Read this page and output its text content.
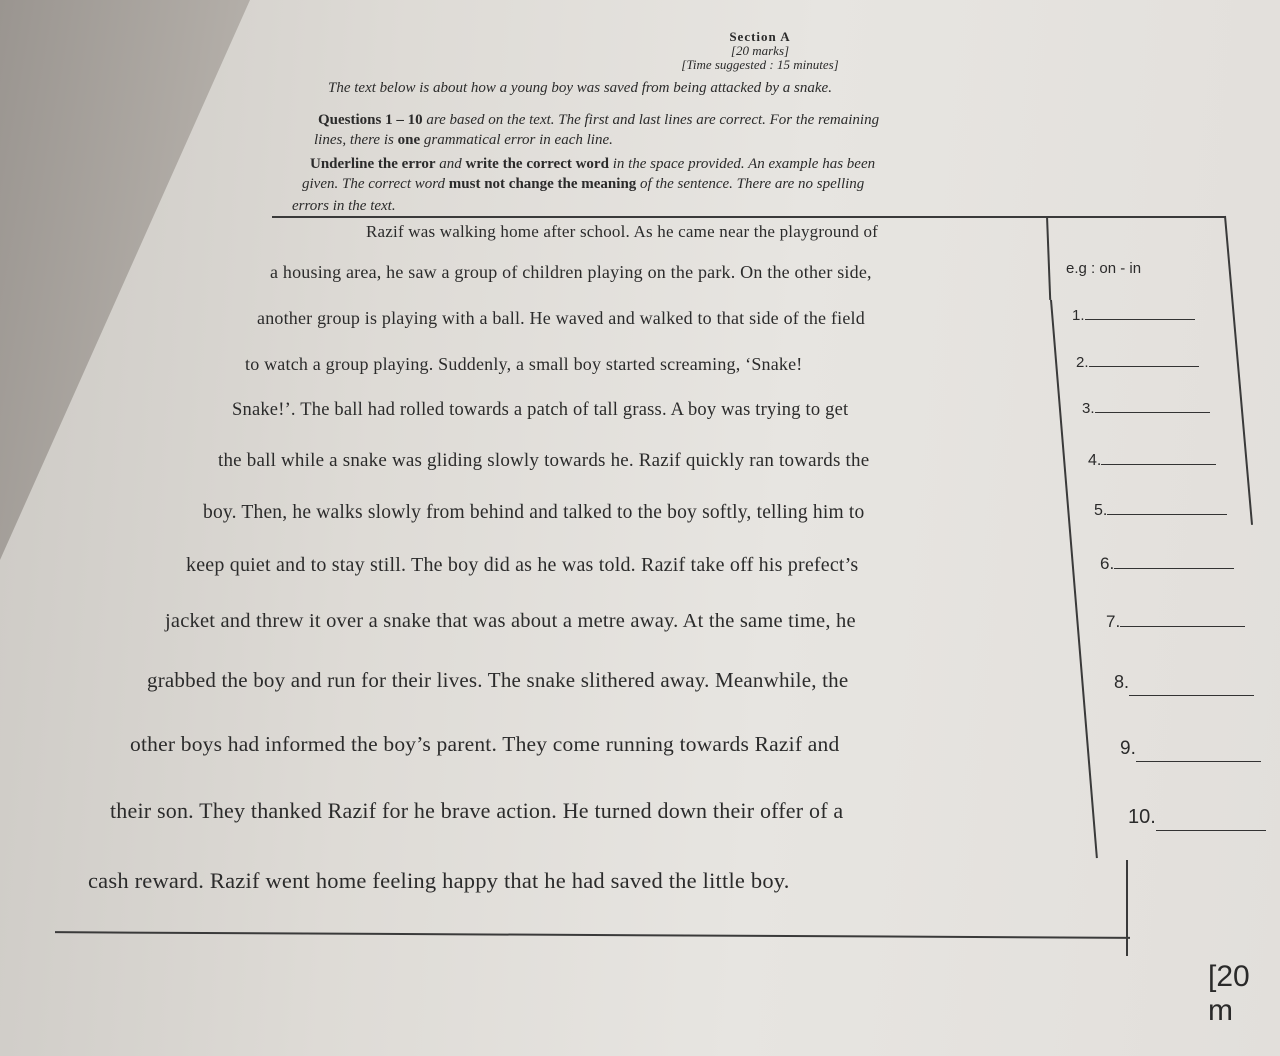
Section A
[20 marks]
[Time suggested : 15 minutes]
The text below is about how a young boy was saved from being attacked by a snake.
Questions 1 – 10 are based on the text. The first and last lines are correct. For the remaining
lines, there is one grammatical error in each line.
Underline the error and write the correct word in the space provided. An example has been
given. The correct word must not change the meaning of the sentence. There are no spelling
errors in the text.
Razif was walking home after school. As he came near the playground of
a housing area, he saw a group of children playing on the park. On the other side,
another group is playing with a ball. He waved and walked to that side of the field
to watch a group playing. Suddenly, a small boy started screaming, ‘Snake!
Snake!’. The ball had rolled towards a patch of tall grass. A boy was trying to get
the ball while a snake was gliding slowly towards he. Razif quickly ran towards the
boy. Then, he walks slowly from behind and talked to the boy softly, telling him to
keep quiet and to stay still. The boy did as he was told. Razif take off his prefect’s
jacket and threw it over a snake that was about a metre away. At the same time, he
grabbed the boy and run for their lives. The snake slithered away. Meanwhile, the
other boys had informed the boy’s parent. They come running towards Razif and
their son. They thanked Razif for he brave action. He turned down their offer of a
cash reward. Razif went home feeling happy that he had saved the little boy.
e.g : on - in
1.
2.
3.
4.
5.
6.
7.
8.
9.
10.
[20 m
